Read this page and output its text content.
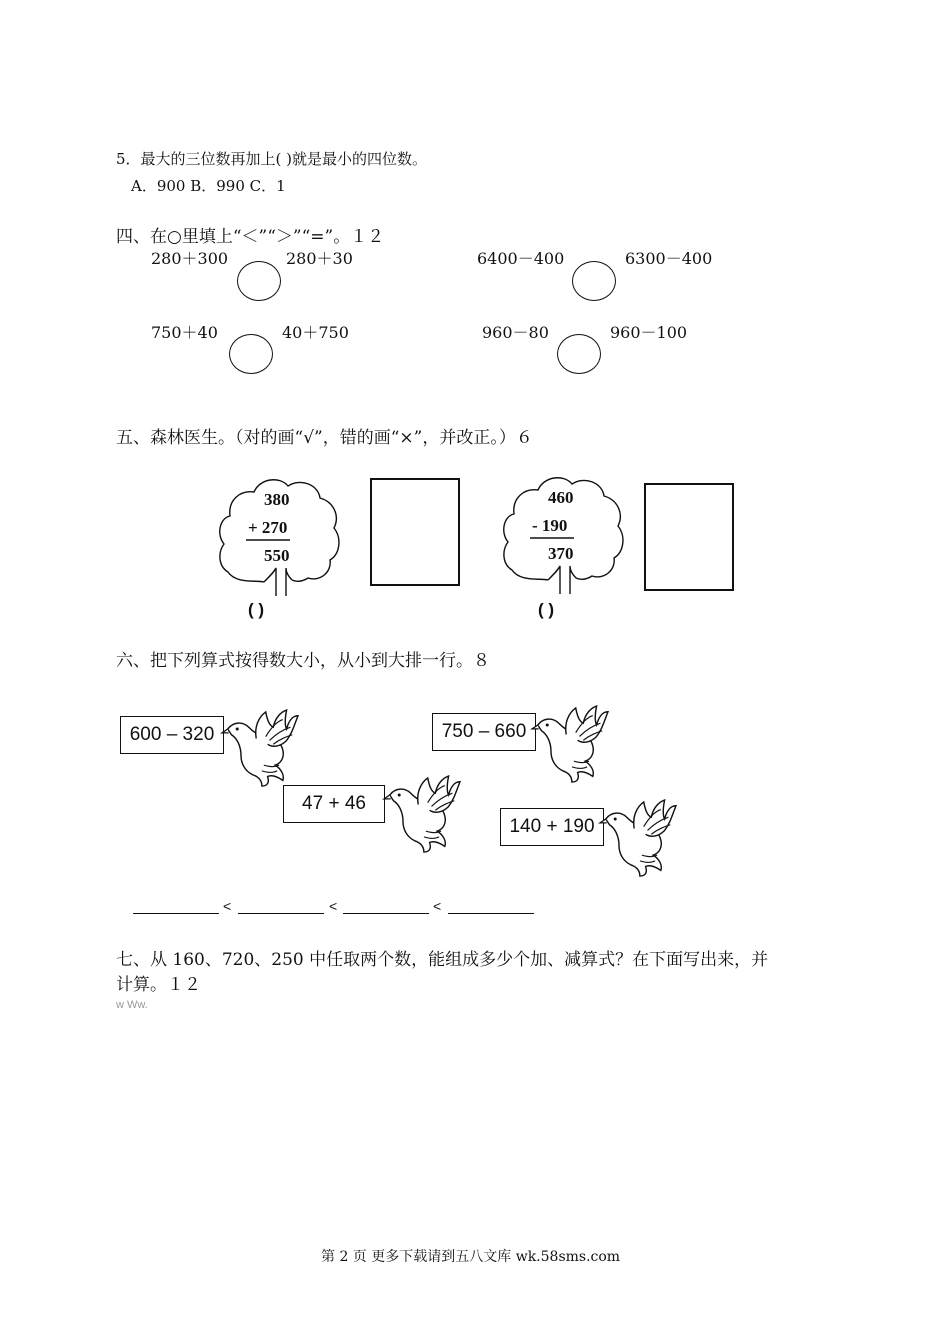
5．最大的三位数再加上( )就是最小的四位数。
A．900 B．990 C．1
四、在○里填上“＜”“＞”“=”。１２
280＋300	280＋30	6400－400	6300－400
750＋40	40＋750	960－80	960－100
五、森林医生。（对的画“√”，错的画“×”，并改正。）６
380
+ 270
550
( )
460
- 190
370
( )
六、把下列算式按得数大小，从小到大排一行。８
600 – 320	750 – 660
47 + 46
140 + 190
<	<	<
七、从 160、720、250 中任取两个数，能组成多少个加、减算式？在下面写出来，并
计算。１２
w Ww.
第 2 页 更多下载请到五八文库 wk.58sms.com
